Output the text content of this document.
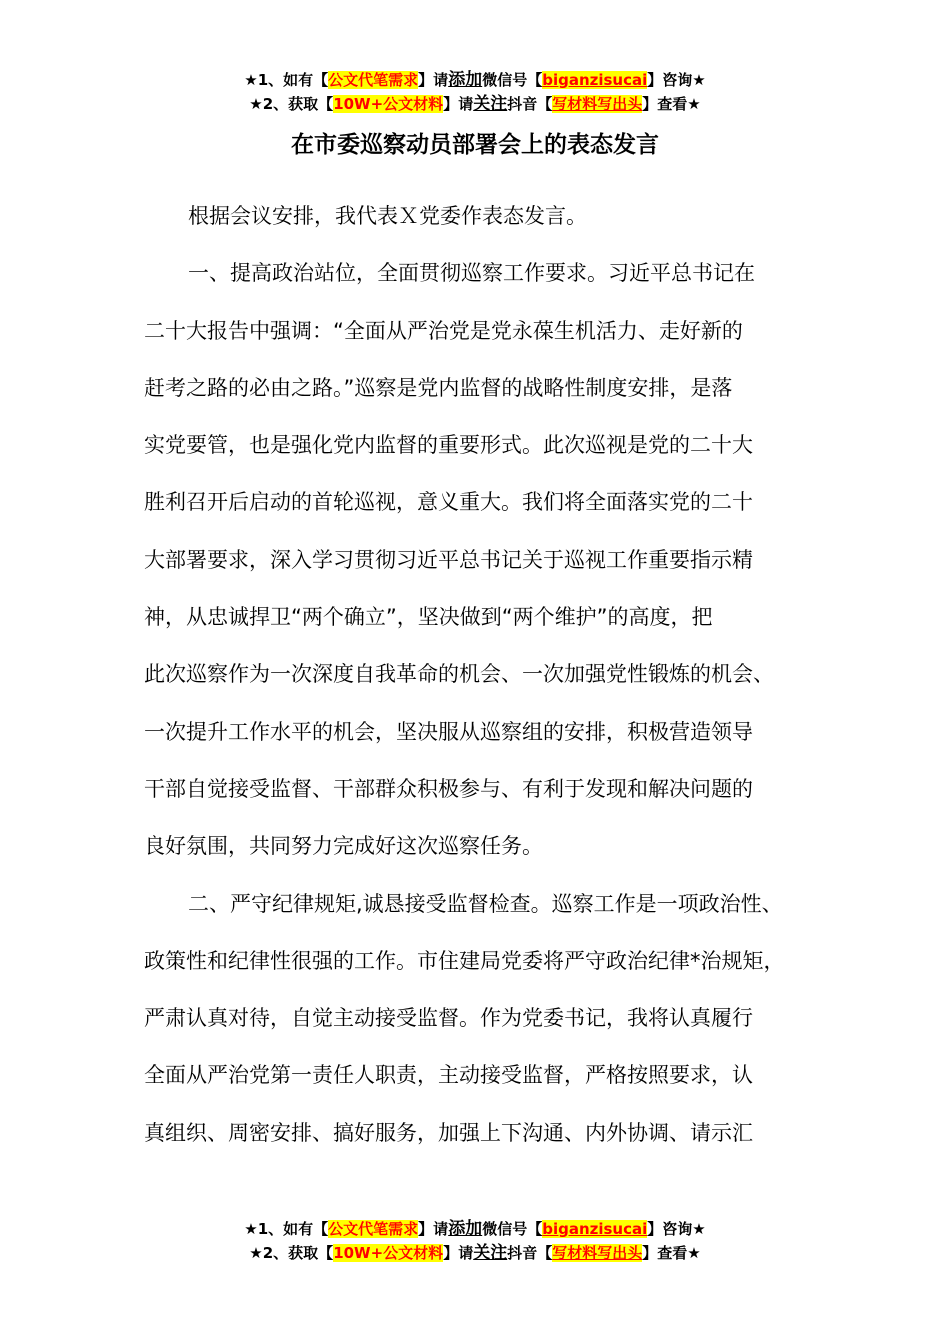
★1、如有【公文代笔需求】请添加微信号【biganzisucai】咨询★
★2、获取【10W+公文材料】请关注抖音【写材料写出头】查看★
在市委巡察动员部署会上的表态发言
根据会议安排，我代表Ｘ党委作表态发言。
一、提高政治站位，全面贯彻巡察工作要求。习近平总书记在
二十大报告中强调：“全面从严治党是党永葆生机活力、走好新的
赶考之路的必由之路。”巡察是党内监督的战略性制度安排，是落
实党要管，也是强化党内监督的重要形式。此次巡视是党的二十大
胜利召开后启动的首轮巡视，意义重大。我们将全面落实党的二十
大部署要求，深入学习贯彻习近平总书记关于巡视工作重要指示精
神，从忠诚捍卫“两个确立”，坚决做到“两个维护”的高度，把
此次巡察作为一次深度自我革命的机会、一次加强党性锻炼的机会、
一次提升工作水平的机会，坚决服从巡察组的安排，积极营造领导
干部自觉接受监督、干部群众积极参与、有利于发现和解决问题的
良好氛围，共同努力完成好这次巡察任务。
二、严守纪律规矩,诚恳接受监督检查。巡察工作是一项政治性、
政策性和纪律性很强的工作。市住建局党委将严守政治纪律*治规矩，
严肃认真对待，自觉主动接受监督。作为党委书记，我将认真履行
全面从严治党第一责任人职责，主动接受监督，严格按照要求，认
真组织、周密安排、搞好服务，加强上下沟通、内外协调、请示汇
★1、如有【公文代笔需求】请添加微信号【biganzisucai】咨询★
★2、获取【10W+公文材料】请关注抖音【写材料写出头】查看★
